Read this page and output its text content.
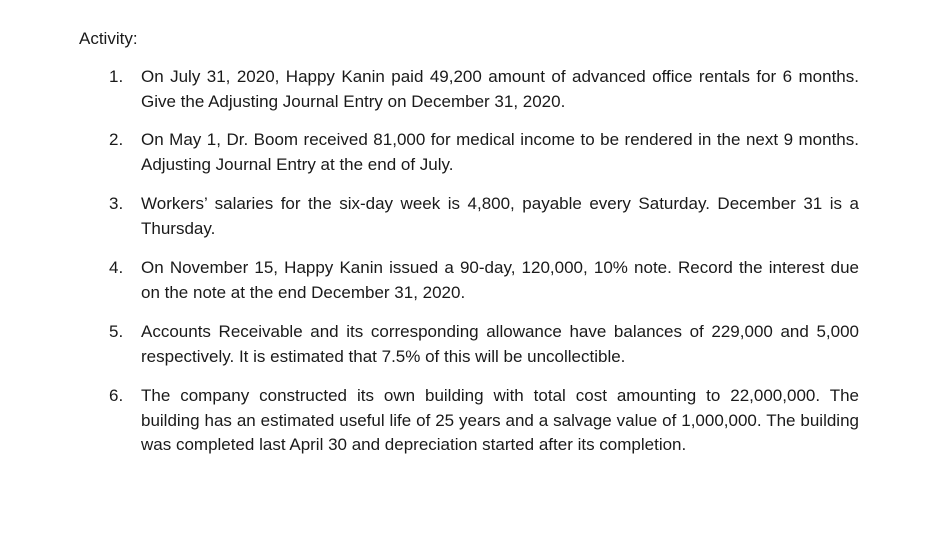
Activity:
1. On July 31, 2020, Happy Kanin paid 49,200 amount of advanced office rentals for 6 months. Give the Adjusting Journal Entry on December 31, 2020.
2. On May 1, Dr. Boom received 81,000 for medical income to be rendered in the next 9 months. Adjusting Journal Entry at the end of July.
3. Workers’ salaries for the six-day week is 4,800, payable every Saturday. December 31 is a Thursday.
4. On November 15, Happy Kanin issued a 90-day, 120,000, 10% note. Record the interest due on the note at the end December 31, 2020.
5. Accounts Receivable and its corresponding allowance have balances of 229,000 and 5,000 respectively. It is estimated that 7.5% of this will be uncollectible.
6. The company constructed its own building with total cost amounting to 22,000,000. The building has an estimated useful life of 25 years and a salvage value of 1,000,000. The building was completed last April 30 and depreciation started after its completion.
